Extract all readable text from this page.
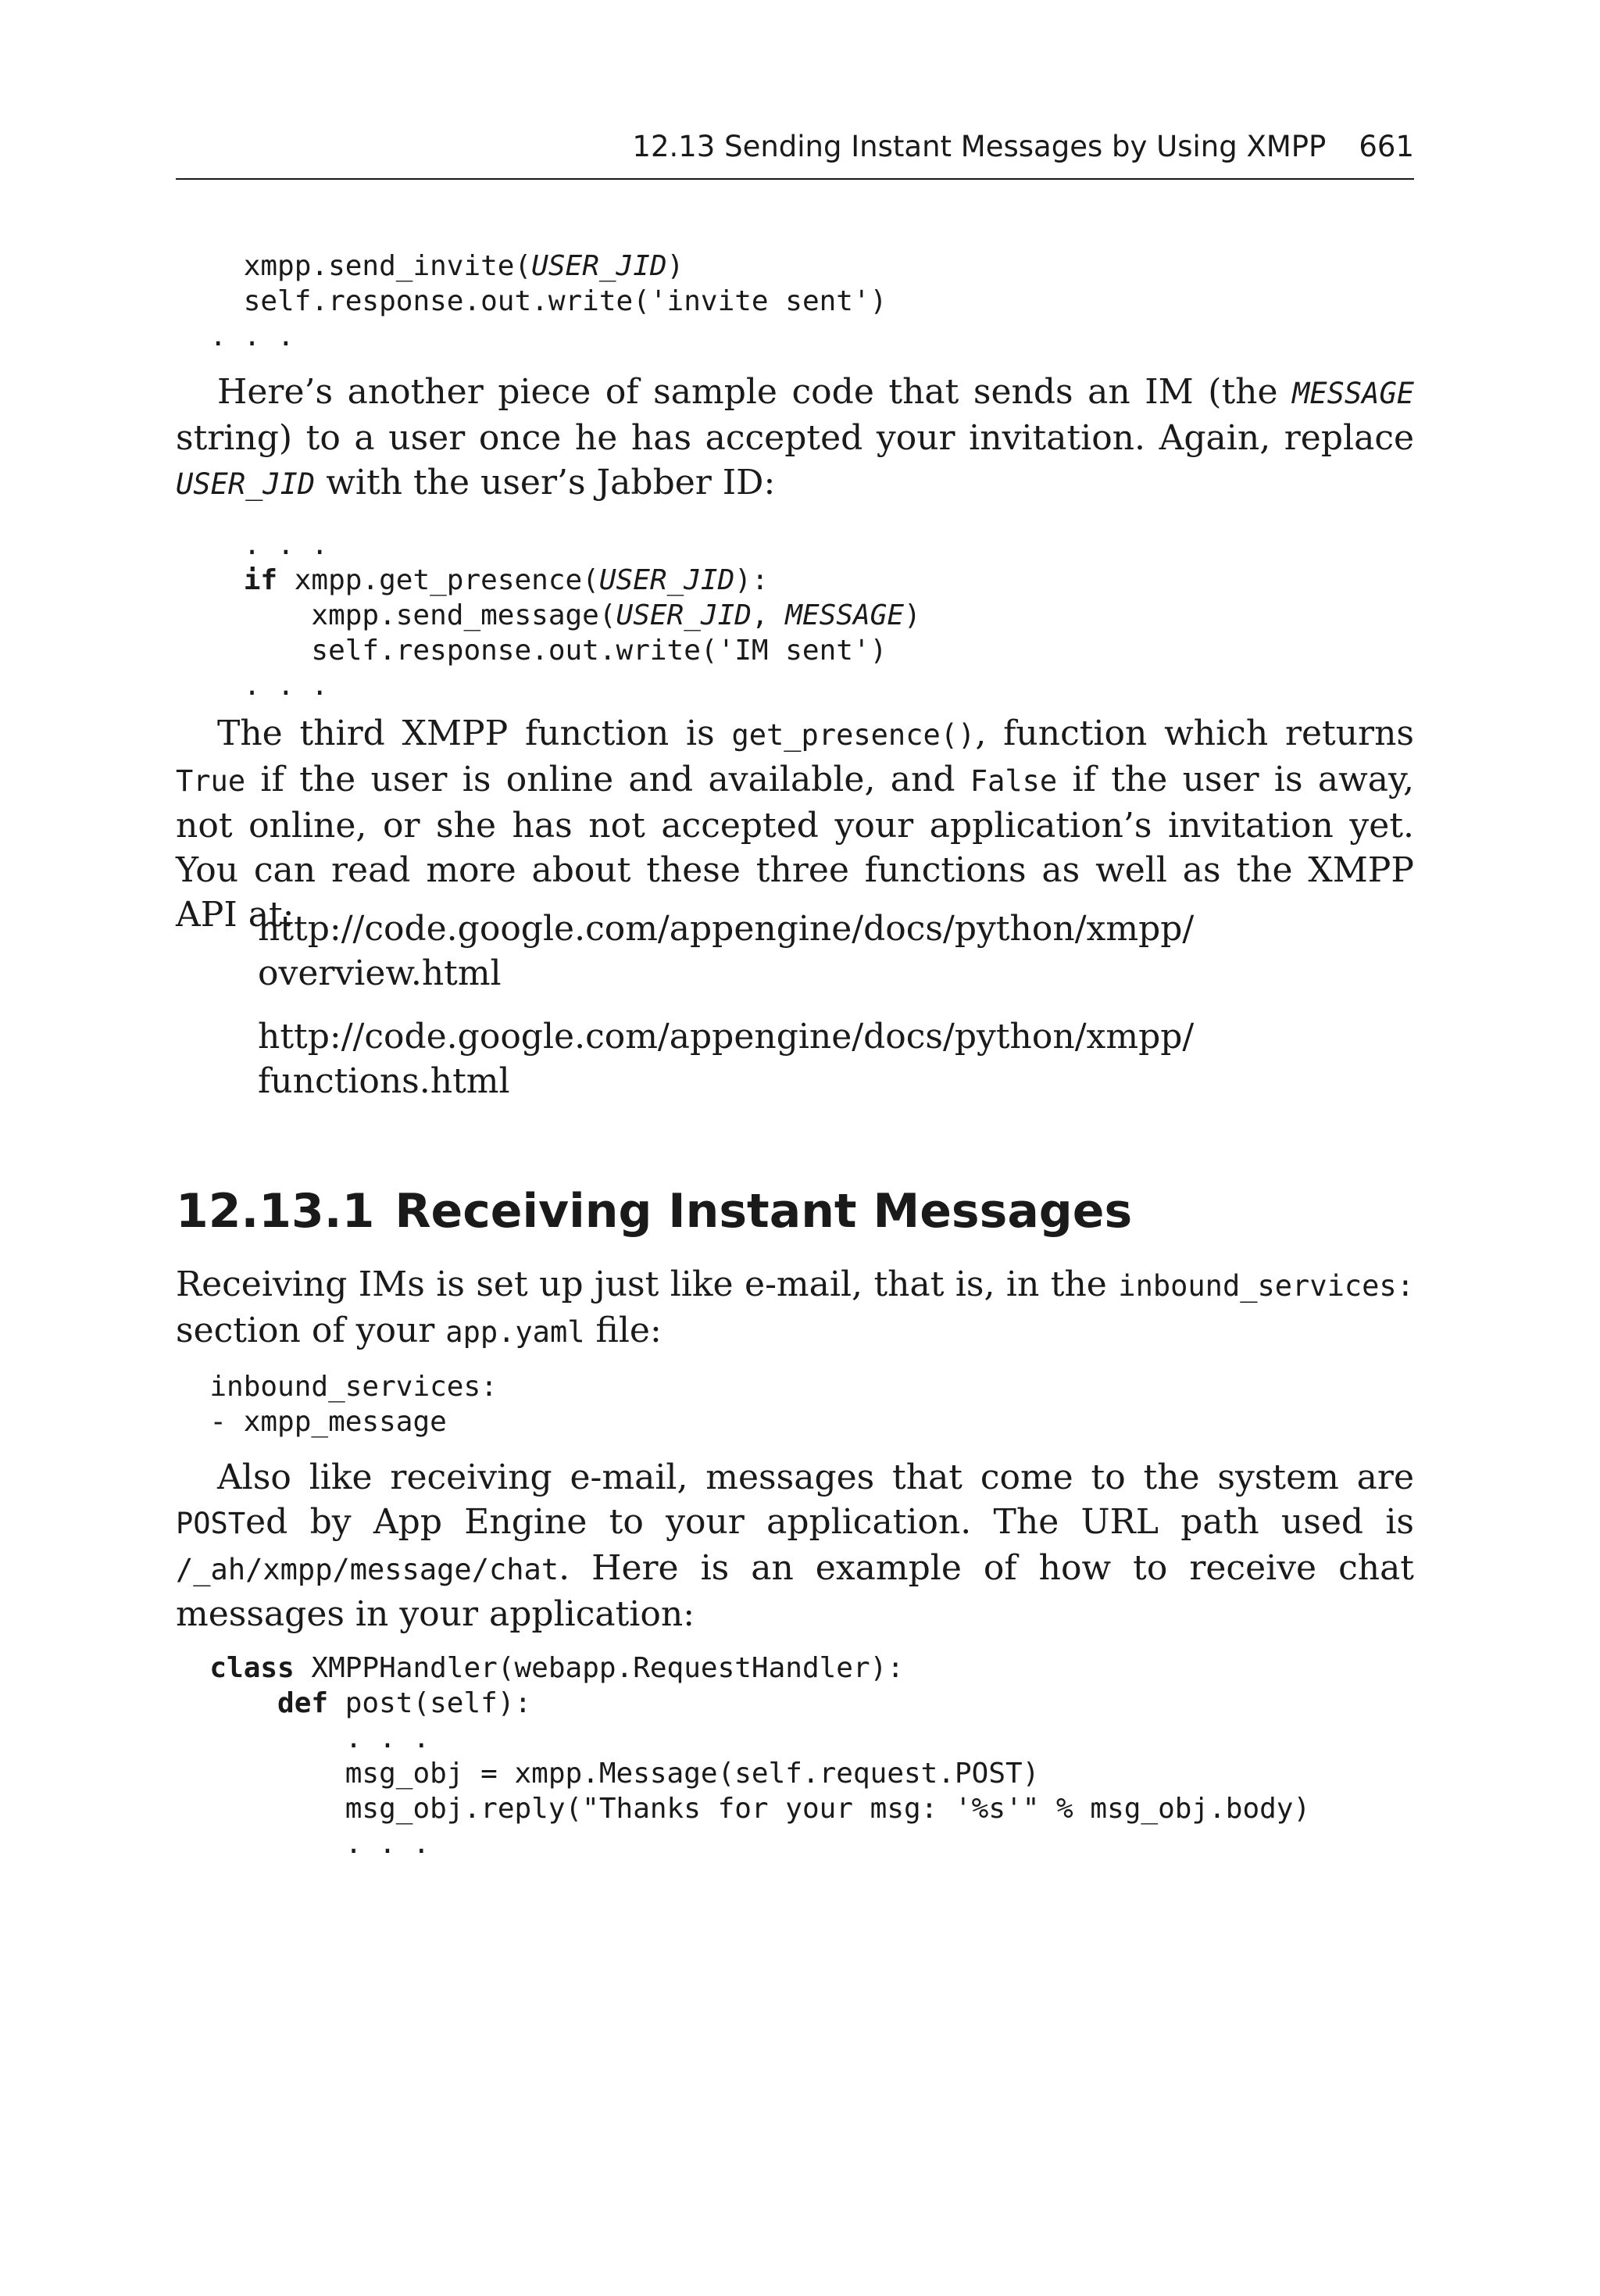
12.13 Sending Instant Messages by Using XMPP 661
xmpp.send_invite(USER_JID)
self.response.out.write('invite sent')
. . .

Here’s another piece of sample code that sends an IM (the MESSAGE string) to a user once he has accepted your invitation. Again, replace USER_JID with the user’s Jabber ID:

. . .
if xmpp.get_presence(USER_JID):
xmpp.send_message(USER_JID, MESSAGE)
self.response.out.write('IM sent')
. . .

The third XMPP function is get_presence(), function which returns True if the user is online and available, and False if the user is away, not online, or she has not accepted your application’s invitation yet. You can read more about these three functions as well as the XMPP API at:

http://code.google.com/appengine/docs/python/xmpp/
overview.html

http://code.google.com/appengine/docs/python/xmpp/
functions.html

12.13.1 Receiving Instant Messages

Receiving IMs is set up just like e-mail, that is, in the inbound_services: section of your app.yaml file:

inbound_services:
- xmpp_message

Also like receiving e-mail, messages that come to the system are POSTed by App Engine to your application. The URL path used is /_ah/xmpp/message/chat. Here is an example of how to receive chat messages in your application:

class XMPPHandler(webapp.RequestHandler):
def post(self):
. . .
msg_obj = xmpp.Message(self.request.POST)
msg_obj.reply("Thanks for your msg: '%s'" % msg_obj.body)
. . .
